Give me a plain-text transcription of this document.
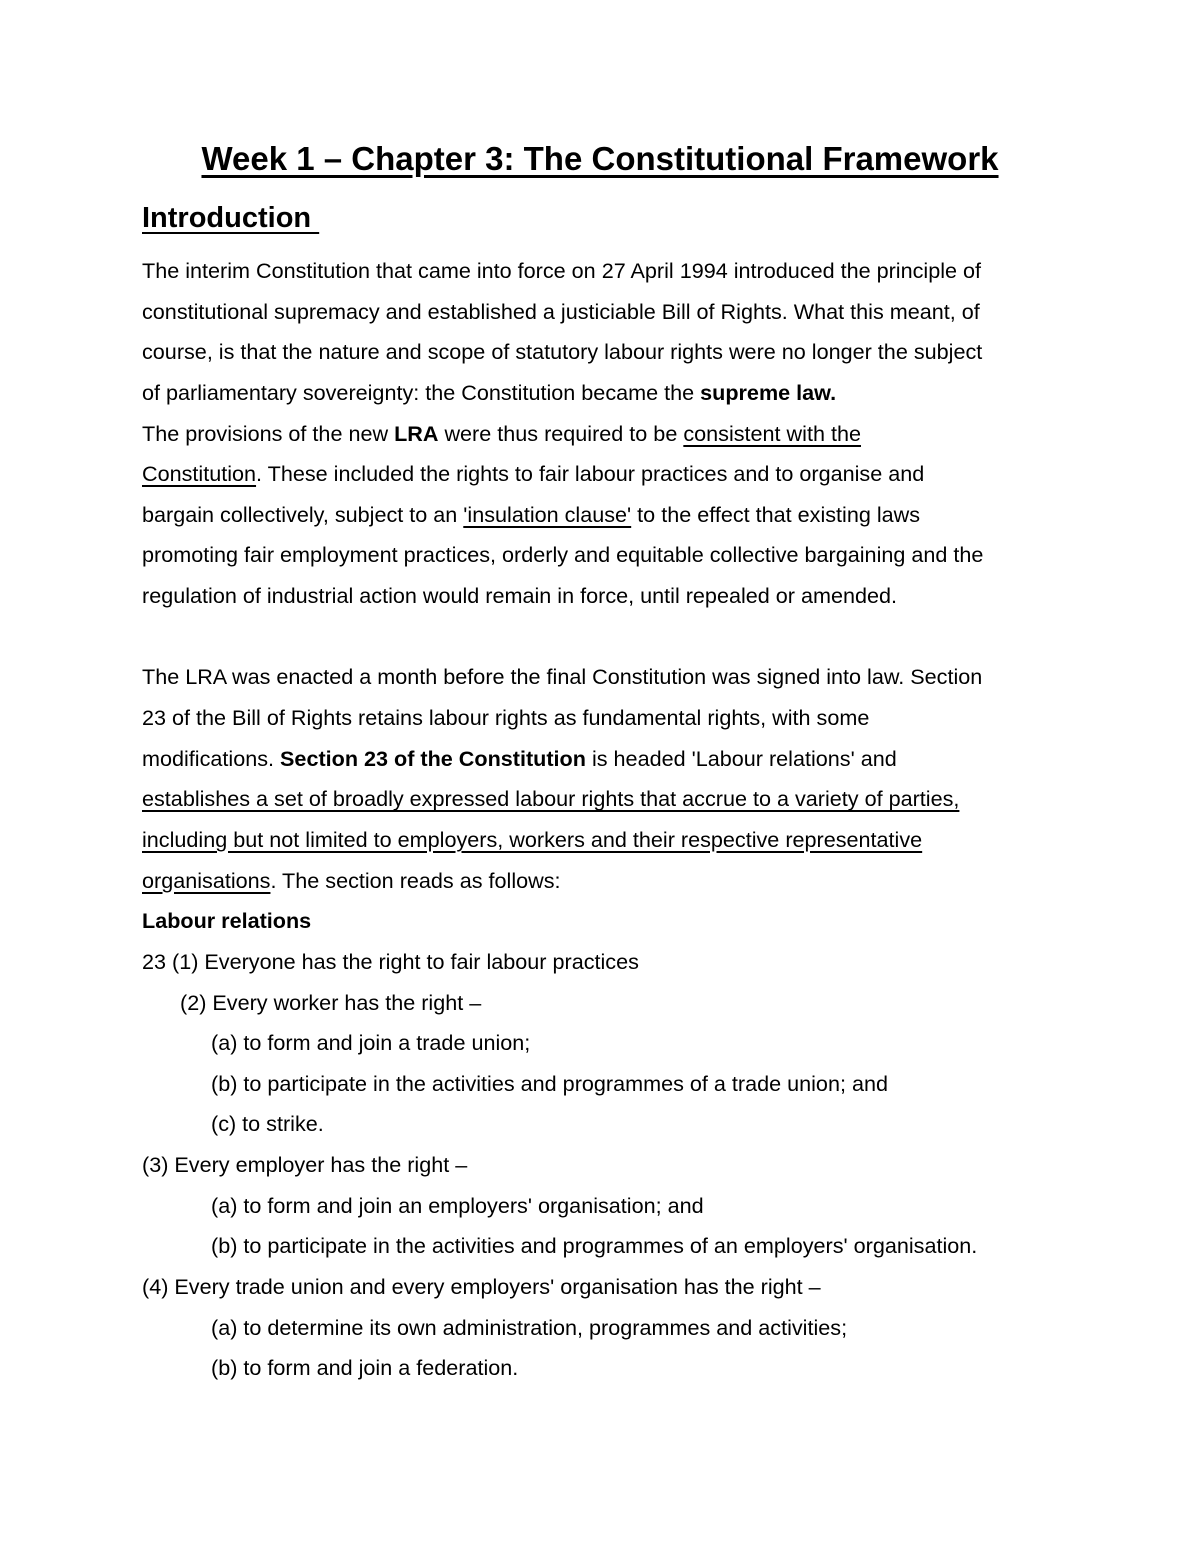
Week 1 – Chapter 3: The Constitutional Framework
Introduction
The interim Constitution that came into force on 27 April 1994 introduced the principle of
constitutional supremacy and established a justiciable Bill of Rights. What this meant, of
course, is that the nature and scope of statutory labour rights were no longer the subject
of parliamentary sovereignty: the Constitution became the supreme law.
The provisions of the new LRA were thus required to be consistent with the
Constitution. These included the rights to fair labour practices and to organise and
bargain collectively, subject to an 'insulation clause' to the effect that existing laws
promoting fair employment practices, orderly and equitable collective bargaining and the
regulation of industrial action would remain in force, until repealed or amended.
The LRA was enacted a month before the final Constitution was signed into law. Section
23 of the Bill of Rights retains labour rights as fundamental rights, with some
modifications. Section 23 of the Constitution is headed 'Labour relations' and
establishes a set of broadly expressed labour rights that accrue to a variety of parties,
including but not limited to employers, workers and their respective representative
organisations. The section reads as follows:
Labour relations
23 (1) Everyone has the right to fair labour practices
(2) Every worker has the right –
(a) to form and join a trade union;
(b) to participate in the activities and programmes of a trade union; and
(c) to strike.
(3) Every employer has the right –
(a) to form and join an employers' organisation; and
(b) to participate in the activities and programmes of an employers' organisation.
(4) Every trade union and every employers' organisation has the right –
(a) to determine its own administration, programmes and activities;
(b) to form and join a federation.
